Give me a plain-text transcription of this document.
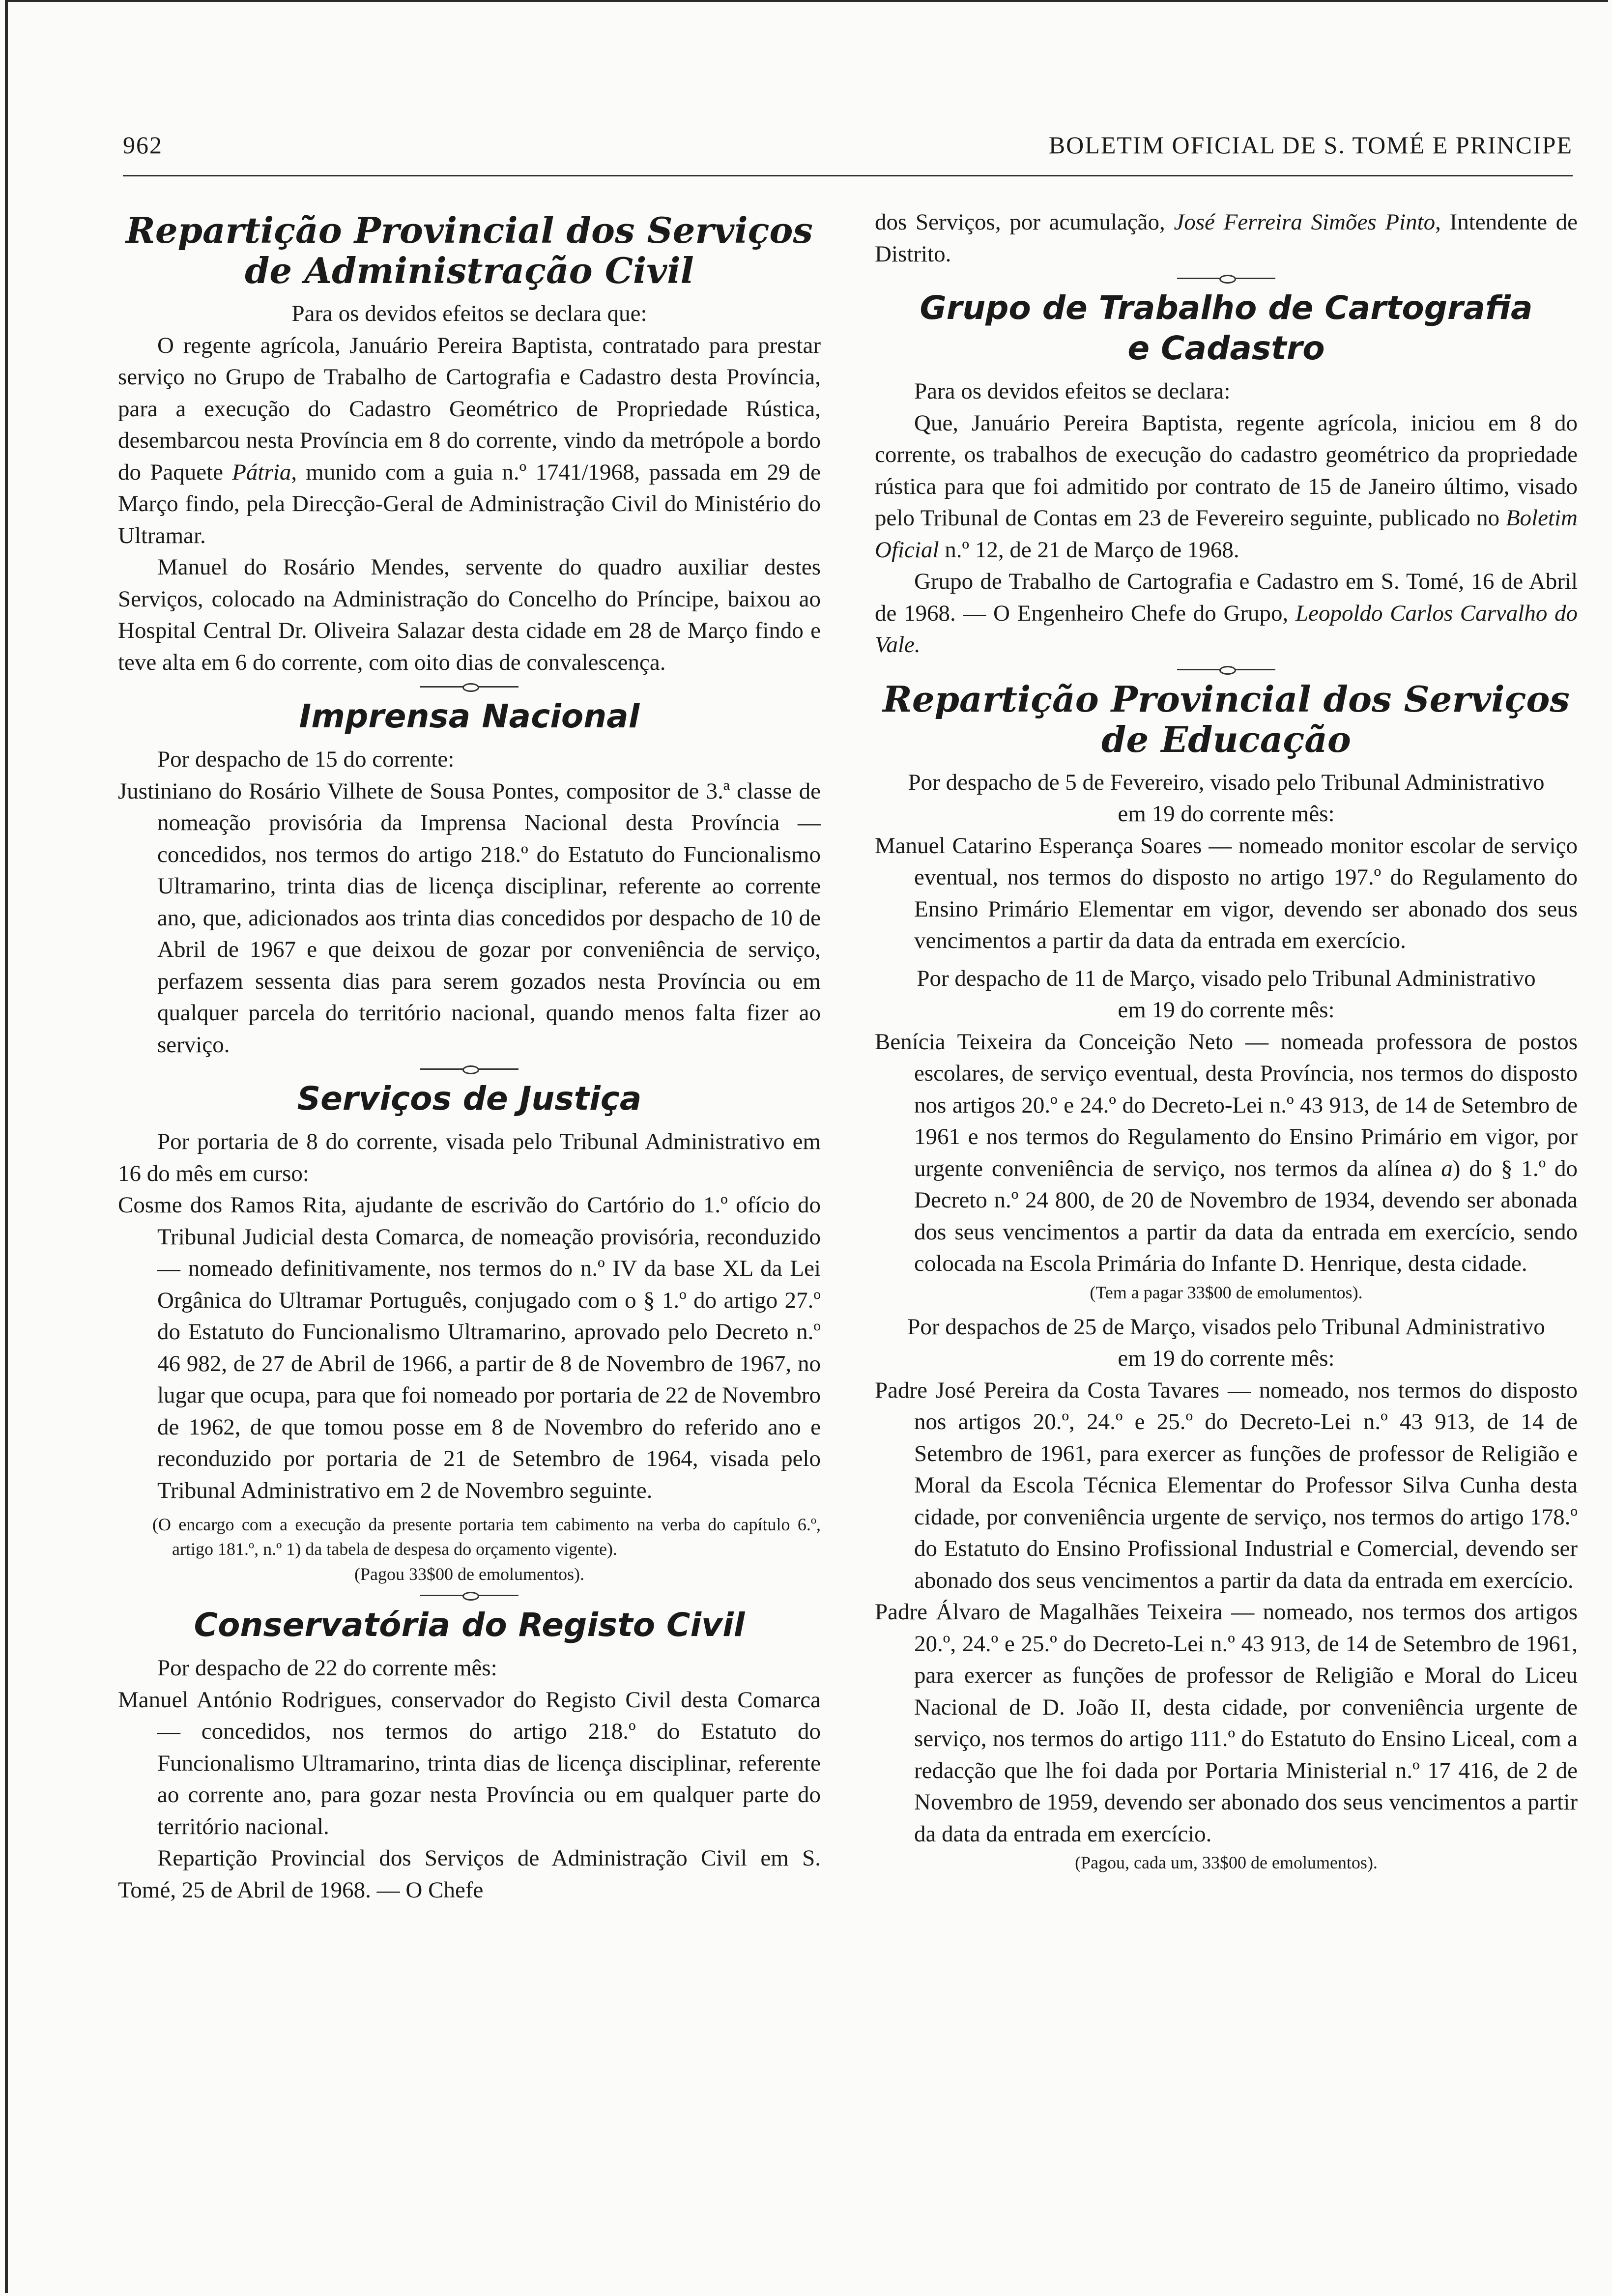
962	BOLETIM OFICIAL DE S. TOMÉ E PRINCIPE
Repartição Provincial dos Serviços
de Administração Civil

Para os devidos efeitos se declara que:

O regente agrícola, Januário Pereira Baptista, contratado para prestar serviço no Grupo de Trabalho de Cartografia e Cadastro desta Província, para a execução do Cadastro Geométrico de Propriedade Rústica, desembarcou nesta Província em 8 do corrente, vindo da metrópole a bordo do Paquete Pátria, munido com a guia n.º 1741/1968, passada em 29 de Março findo, pela Direcção-Geral de Administração Civil do Ministério do Ultramar.

Manuel do Rosário Mendes, servente do quadro auxiliar destes Serviços, colocado na Administração do Concelho do Príncipe, baixou ao Hospital Central Dr. Oliveira Salazar desta cidade em 28 de Março findo e teve alta em 6 do corrente, com oito dias de convalescença.

Imprensa Nacional

Por despacho de 15 do corrente:

Justiniano do Rosário Vilhete de Sousa Pontes, compositor de 3.ª classe de nomeação provisória da Imprensa Nacional desta Província — concedidos, nos termos do artigo 218.º do Estatuto do Funcionalismo Ultramarino, trinta dias de licença disciplinar, referente ao corrente ano, que, adicionados aos trinta dias concedidos por despacho de 10 de Abril de 1967 e que deixou de gozar por conveniência de serviço, perfazem sessenta dias para serem gozados nesta Província ou em qualquer parcela do território nacional, quando menos falta fizer ao serviço.

Serviços de Justiça

Por portaria de 8 do corrente, visada pelo Tribunal Administrativo em 16 do mês em curso:

Cosme dos Ramos Rita, ajudante de escrivão do Cartório do 1.º ofício do Tribunal Judicial desta Comarca, de nomeação provisória, reconduzido — nomeado definitivamente, nos termos do n.º IV da base XL da Lei Orgânica do Ultramar Português, conjugado com o § 1.º do artigo 27.º do Estatuto do Funcionalismo Ultramarino, aprovado pelo Decreto n.º 46 982, de 27 de Abril de 1966, a partir de 8 de Novembro de 1967, no lugar que ocupa, para que foi nomeado por portaria de 22 de Novembro de 1962, de que tomou posse em 8 de Novembro do referido ano e reconduzido por portaria de 21 de Setembro de 1964, visada pelo Tribunal Administrativo em 2 de Novembro seguinte.

(O encargo com a execução da presente portaria tem cabimento na verba do capítulo 6.º, artigo 181.º, n.º 1) da tabela de despesa do orçamento vigente).

(Pagou 33$00 de emolumentos).

Conservatória do Registo Civil

Por despacho de 22 do corrente mês:

Manuel António Rodrigues, conservador do Registo Civil desta Comarca — concedidos, nos termos do artigo 218.º do Estatuto do Funcionalismo Ultramarino, trinta dias de licença disciplinar, referente ao corrente ano, para gozar nesta Província ou em qualquer parte do território nacional.

Repartição Provincial dos Serviços de Administração Civil em S. Tomé, 25 de Abril de 1968. — O Chefe

dos Serviços, por acumulação, José Ferreira Simões Pinto, Intendente de Distrito.

Grupo de Trabalho de Cartografia
e Cadastro

Para os devidos efeitos se declara:

Que, Januário Pereira Baptista, regente agrícola, iniciou em 8 do corrente, os trabalhos de execução do cadastro geométrico da propriedade rústica para que foi admitido por contrato de 15 de Janeiro último, visado pelo Tribunal de Contas em 23 de Fevereiro seguinte, publicado no Boletim Oficial n.º 12, de 21 de Março de 1968.

Grupo de Trabalho de Cartografia e Cadastro em S. Tomé, 16 de Abril de 1968. — O Engenheiro Chefe do Grupo, Leopoldo Carlos Carvalho do Vale.

Repartição Provincial dos Serviços
de Educação

Por despacho de 5 de Fevereiro, visado pelo Tribunal Administrativo em 19 do corrente mês:

Manuel Catarino Esperança Soares — nomeado monitor escolar de serviço eventual, nos termos do disposto no artigo 197.º do Regulamento do Ensino Primário Elementar em vigor, devendo ser abonado dos seus vencimentos a partir da data da entrada em exercício.

Por despacho de 11 de Março, visado pelo Tribunal Administrativo em 19 do corrente mês:

Benícia Teixeira da Conceição Neto — nomeada professora de postos escolares, de serviço eventual, desta Província, nos termos do disposto nos artigos 20.º e 24.º do Decreto-Lei n.º 43 913, de 14 de Setembro de 1961 e nos termos do Regulamento do Ensino Primário em vigor, por urgente conveniência de serviço, nos termos da alínea a) do § 1.º do Decreto n.º 24 800, de 20 de Novembro de 1934, devendo ser abonada dos seus vencimentos a partir da data da entrada em exercício, sendo colocada na Escola Primária do Infante D. Henrique, desta cidade.

(Tem a pagar 33$00 de emolumentos).

Por despachos de 25 de Março, visados pelo Tribunal Administrativo em 19 do corrente mês:

Padre José Pereira da Costa Tavares — nomeado, nos termos do disposto nos artigos 20.º, 24.º e 25.º do Decreto-Lei n.º 43 913, de 14 de Setembro de 1961, para exercer as funções de professor de Religião e Moral da Escola Técnica Elementar do Professor Silva Cunha desta cidade, por conveniência urgente de serviço, nos termos do artigo 178.º do Estatuto do Ensino Profissional Industrial e Comercial, devendo ser abonado dos seus vencimentos a partir da data da entrada em exercício.

Padre Álvaro de Magalhães Teixeira — nomeado, nos termos dos artigos 20.º, 24.º e 25.º do Decreto-Lei n.º 43 913, de 14 de Setembro de 1961, para exercer as funções de professor de Religião e Moral do Liceu Nacional de D. João II, desta cidade, por conveniência urgente de serviço, nos termos do artigo 111.º do Estatuto do Ensino Liceal, com a redacção que lhe foi dada por Portaria Ministerial n.º 17 416, de 2 de Novembro de 1959, devendo ser abonado dos seus vencimentos a partir da data da entrada em exercício.

(Pagou, cada um, 33$00 de emolumentos).
